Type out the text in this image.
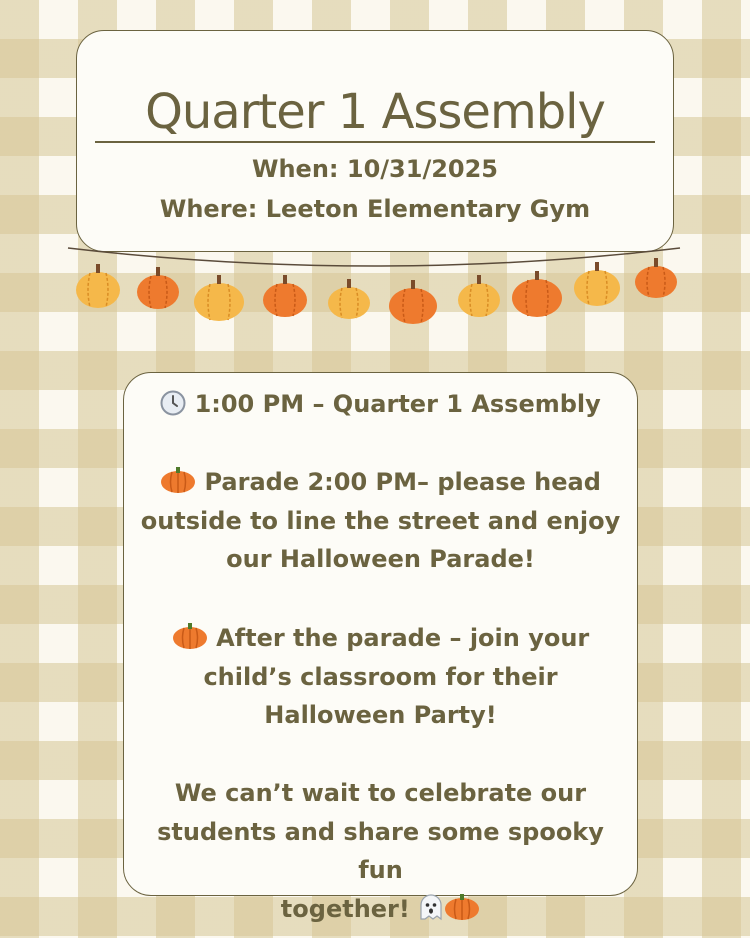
Quarter 1 Assembly
When: 10/31/2025
Where: Leeton Elementary Gym
1:00 PM – Quarter 1 Assembly

Parade 2:00 PM– please head

outside to line the street and enjoy

our Halloween Parade!

After the parade – join your

child’s classroom for their

Halloween Party!

We can’t wait to celebrate our

students and share some spooky fun

together!
